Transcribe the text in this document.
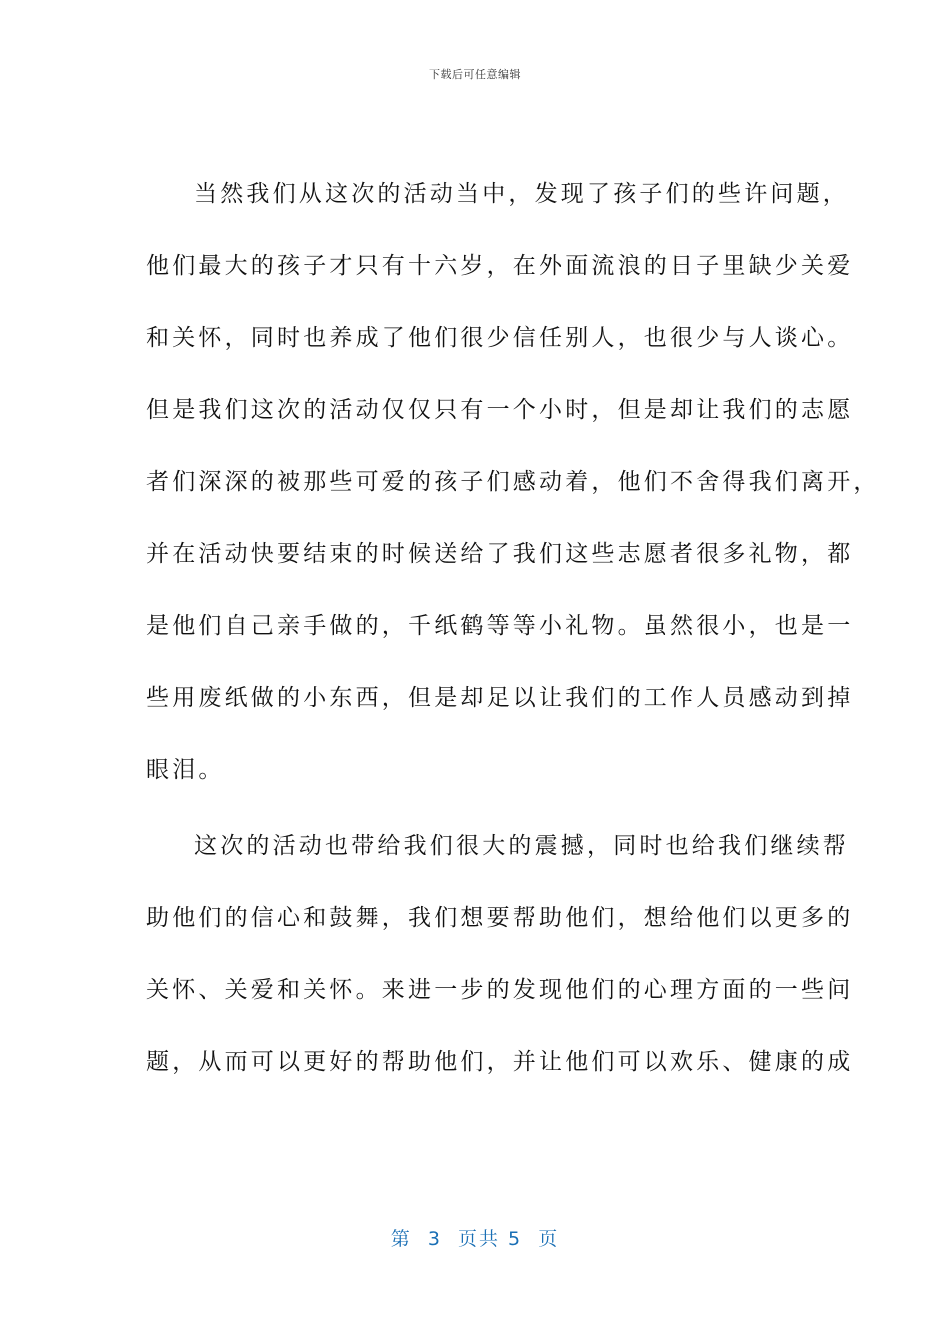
下载后可任意编辑
当然我们从这次的活动当中，发现了孩子们的些许问题，
他们最大的孩子才只有十六岁，在外面流浪的日子里缺少关爱
和关怀，同时也养成了他们很少信任别人，也很少与人谈心。
但是我们这次的活动仅仅只有一个小时，但是却让我们的志愿
者们深深的被那些可爱的孩子们感动着，他们不舍得我们离开，
并在活动快要结束的时候送给了我们这些志愿者很多礼物，都
是他们自己亲手做的，千纸鹤等等小礼物。虽然很小，也是一
些用废纸做的小东西，但是却足以让我们的工作人员感动到掉
眼泪。
这次的活动也带给我们很大的震撼，同时也给我们继续帮
助他们的信心和鼓舞，我们想要帮助他们，想给他们以更多的
关怀、关爱和关怀。来进一步的发现他们的心理方面的一些问
题，从而可以更好的帮助他们，并让他们可以欢乐、健康的成
第  3  页共 5  页
